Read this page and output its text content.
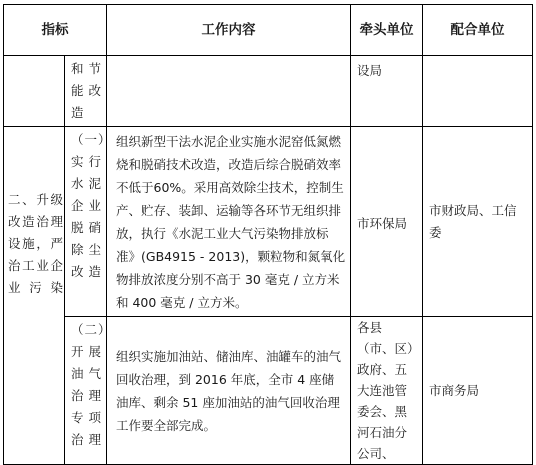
指标		工作内容	牵头单位	配合单位
	和节能改造		设局	
二、升级改造治理设施，严治工业企业污染	（一）实行水泥企业脱硝除尘改造	组织新型干法水泥企业实施水泥窑低氮燃烧和脱硝技术改造，改造后综合脱硝效率不低于60%。采用高效除尘技术，控制生产、贮存、装卸、运输等各环节无组织排放，执行《水泥工业大气污染物排放标准》(GB4915 - 2013)，颗粒物和氮氧化物排放浓度分别不高于 30 毫克 / 立方米和 400 毫克 / 立方米。	市环保局	市财政局、工信委
	（二）开展油气治理专项治理	组织实施加油站、储油库、油罐车的油气回收治理，到 2016 年底，全市 4 座储油库、剩余 51 座加油站的油气回收治理工作要全部完成。	各县（市、区）政府、五大连池管委会、黑河石油分公司、	市商务局
